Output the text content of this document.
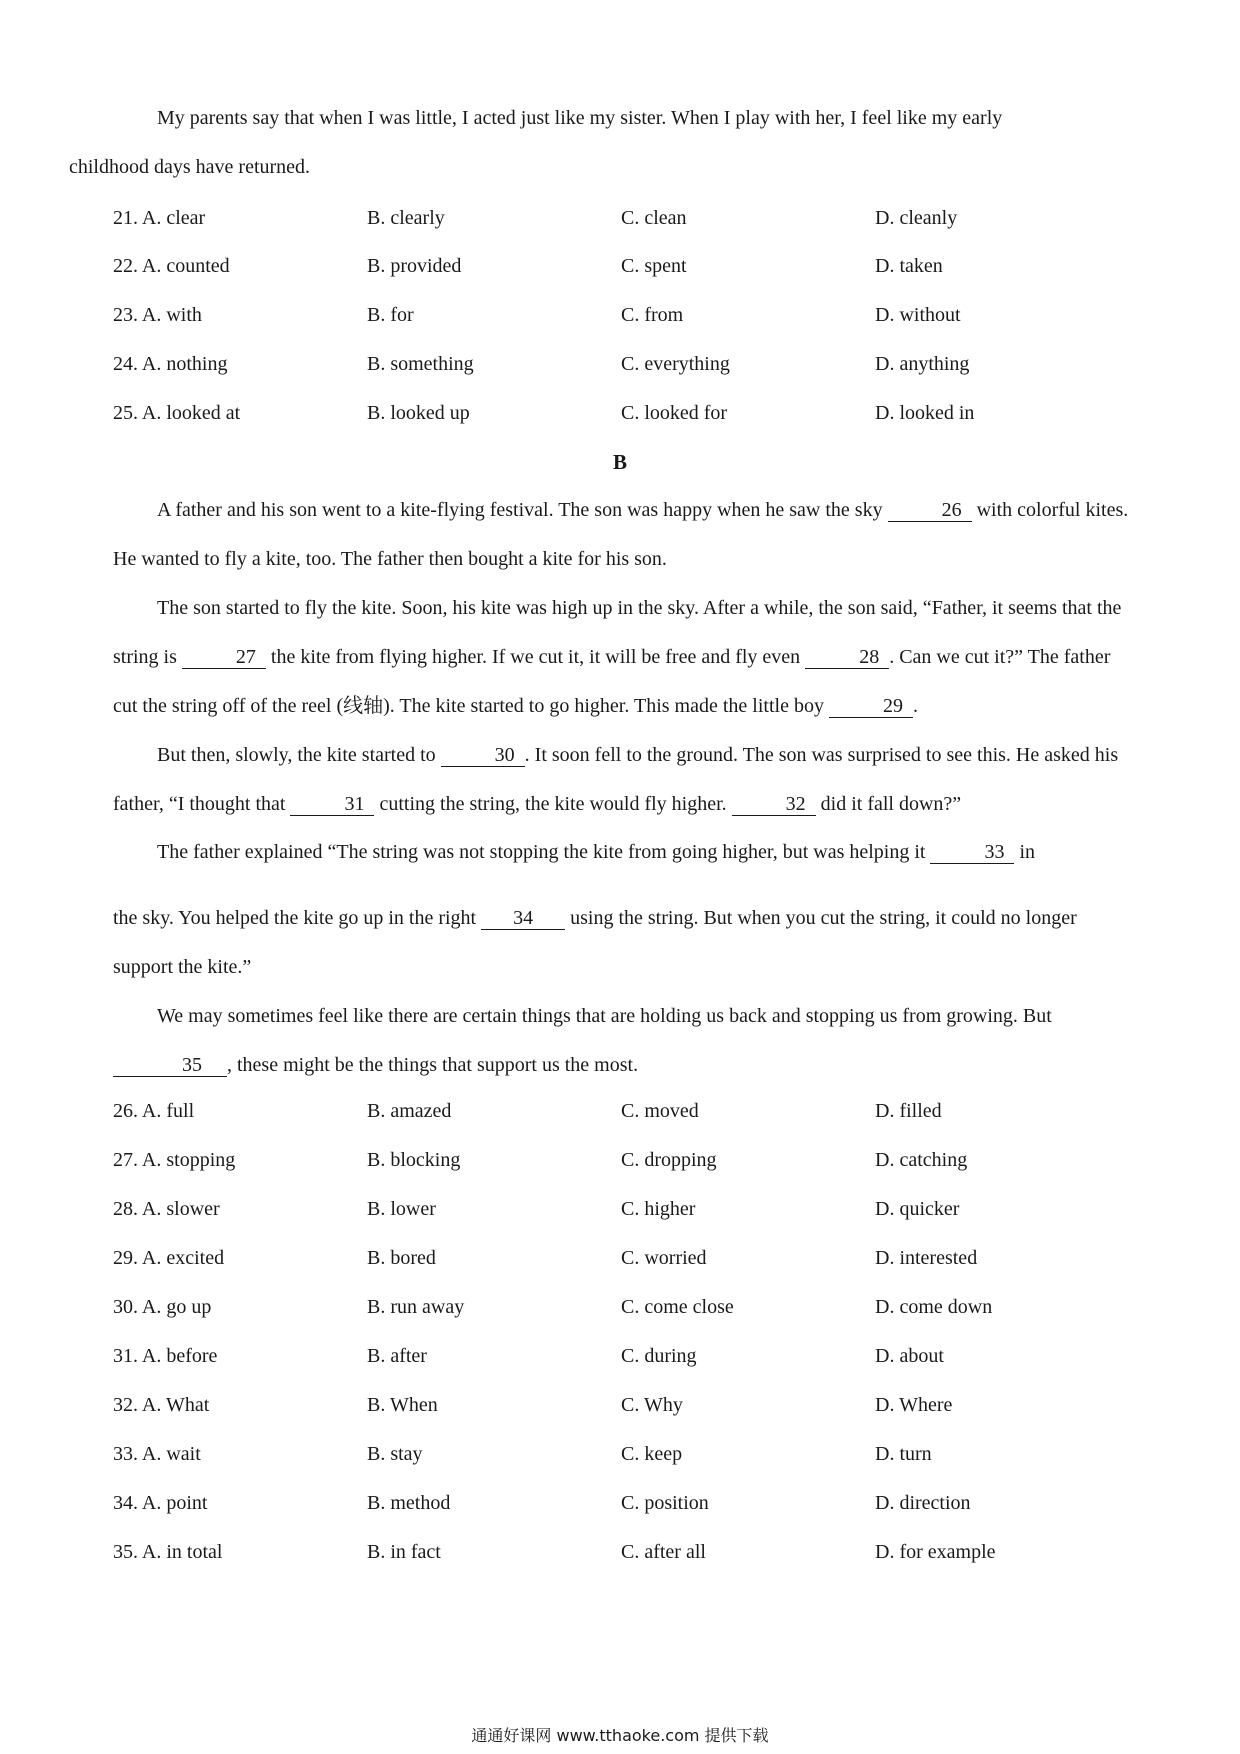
My parents say that when I was little, I acted just like my sister. When I play with her, I feel like my early
childhood days have returned.

21. A. clear	B. clearly	C. clean	D. cleanly
22. A. counted	B. provided	C. spent	D. taken
23. A. with	B. for	C. from	D. without
24. A. nothing	B. something	C. everything	D. anything
25. A. looked at	B. looked up	C. looked for	D. looked in
B

A father and his son went to a kite-flying festival. The son was happy when he saw the sky	26 with colorful kites. He wanted to fly a kite, too. The father then bought a kite for his son.

The son started to fly the kite. Soon, his kite was high up in the sky. After a while, the son said, “Father, it seems that the string is	27 the kite from flying higher. If we cut it, it will be free and fly even	28 . Can we cut it?” The father cut the string off of the reel (线轴). The kite started to go higher. This made the little boy	29 .

But then, slowly, the kite started to	30 . It soon fell to the ground. The son was surprised to see this. He asked his father, “I thought that	31 cutting the string, the kite would fly higher.	32 did it fall down?”

The father explained “The string was not stopping the kite from going higher, but was helping it	33 in

the sky. You helped the kite go up in the right 34 using the string. But when you cut the string, it could no longer support the kite.”

We may sometimes feel like there are certain things that are holding us back and stopping us from growing. But 35 , these might be the things that support us the most.

26. A. full	B. amazed	C. moved	D. filled
27. A. stopping	B. blocking	C. dropping	D. catching
28. A. slower	B. lower	C. higher	D. quicker
29. A. excited	B. bored	C. worried	D. interested
30. A. go up	B. run away	C. come close	D. come down
31. A. before	B. after	C. during	D. about
32. A. What	B. When	C. Why	D. Where
33. A. wait	B. stay	C. keep	D. turn
34. A. point	B. method	C. position	D. direction
35. A. in total	B. in fact	C. after all	D. for example
通通好课网 www.tthaoke.com 提供下载
